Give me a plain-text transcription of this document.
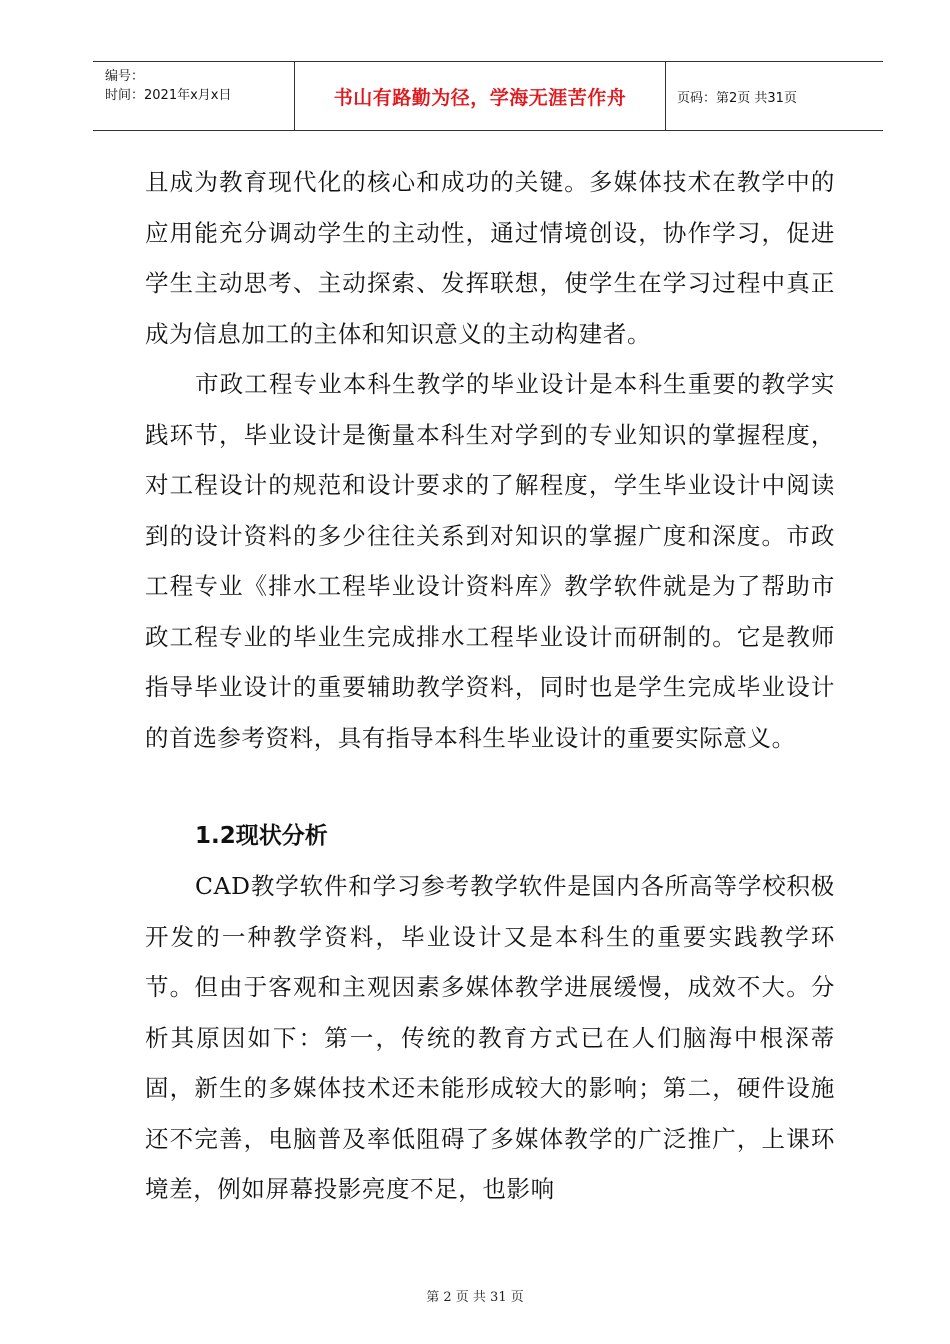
编号：
时间：2021年x月x日	书山有路勤为径，学海无涯苦作舟	页码：第2页 共31页

且成为教育现代化的核心和成功的关键。多媒体技术在教学中的应用能充分调动学生的主动性，通过情境创设，协作学习，促进学生主动思考、主动探索、发挥联想，使学生在学习过程中真正成为信息加工的主体和知识意义的主动构建者。

市政工程专业本科生教学的毕业设计是本科生重要的教学实践环节，毕业设计是衡量本科生对学到的专业知识的掌握程度，对工程设计的规范和设计要求的了解程度，学生毕业设计中阅读到的设计资料的多少往往关系到对知识的掌握广度和深度。市政工程专业《排水工程毕业设计资料库》教学软件就是为了帮助市政工程专业的毕业生完成排水工程毕业设计而研制的。它是教师指导毕业设计的重要辅助教学资料，同时也是学生完成毕业设计的首选参考资料，具有指导本科生毕业设计的重要实际意义。

1.2现状分析

CAD教学软件和学习参考教学软件是国内各所高等学校积极开发的一种教学资料，毕业设计又是本科生的重要实践教学环节。但由于客观和主观因素多媒体教学进展缓慢，成效不大。分析其原因如下：第一，传统的教育方式已在人们脑海中根深蒂固，新生的多媒体技术还未能形成较大的影响；第二，硬件设施还不完善，电脑普及率低阻碍了多媒体教学的广泛推广，上课环境差，例如屏幕投影亮度不足，也影响

第 2 页 共 31 页
